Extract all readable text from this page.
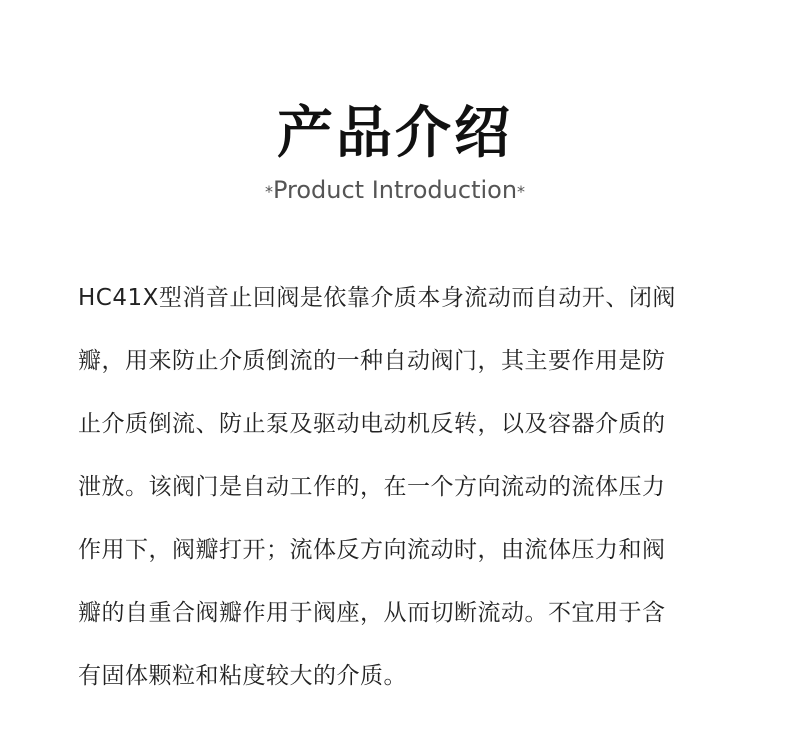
产品介绍
*Product Introduction*
HC41X型消音止回阀是依靠介质本身流动而自动开、闭阀
瓣，用来防止介质倒流的一种自动阀门，其主要作用是防
止介质倒流、防止泵及驱动电动机反转，以及容器介质的
泄放。该阀门是自动工作的，在一个方向流动的流体压力
作用下，阀瓣打开；流体反方向流动时，由流体压力和阀
瓣的自重合阀瓣作用于阀座，从而切断流动。不宜用于含
有固体颗粒和粘度较大的介质。
